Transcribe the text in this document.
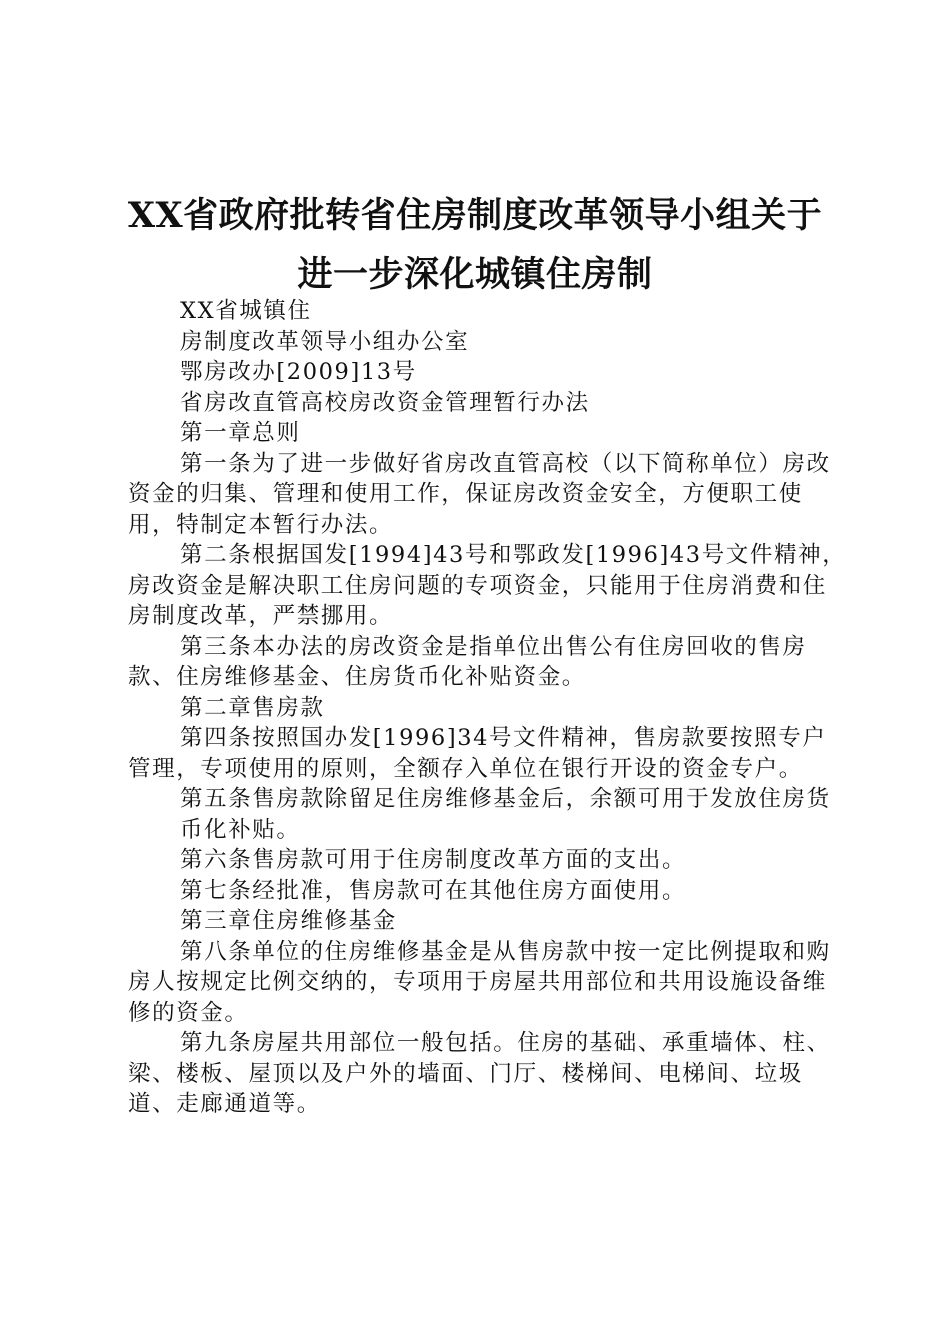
XX省政府批转省住房制度改革领导小组关于
进一步深化城镇住房制

XX省城镇住

房制度改革领导小组办公室

鄂房改办[2009]13号

省房改直管高校房改资金管理暂行办法

第一章总则

第一条为了进一步做好省房改直管高校（以下简称单位）房改资金的归集、管理和使用工作，保证房改资金安全，方便职工使用，特制定本暂行办法。

第二条根据国发[1994]43号和鄂政发[1996]43号文件精神，房改资金是解决职工住房问题的专项资金，只能用于住房消费和住房制度改革，严禁挪用。

第三条本办法的房改资金是指单位出售公有住房回收的售房款、住房维修基金、住房货币化补贴资金。

第二章售房款

第四条按照国办发[1996]34号文件精神，售房款要按照专户管理，专项使用的原则，全额存入单位在银行开设的资金专户。

第五条售房款除留足住房维修基金后，余额可用于发放住房货

币化补贴。

第六条售房款可用于住房制度改革方面的支出。

第七条经批准，售房款可在其他住房方面使用。

第三章住房维修基金

第八条单位的住房维修基金是从售房款中按一定比例提取和购房人按规定比例交纳的，专项用于房屋共用部位和共用设施设备维修的资金。

第九条房屋共用部位一般包括。住房的基础、承重墙体、柱、梁、楼板、屋顶以及户外的墙面、门厅、楼梯间、电梯间、垃圾道、走廊通道等。
